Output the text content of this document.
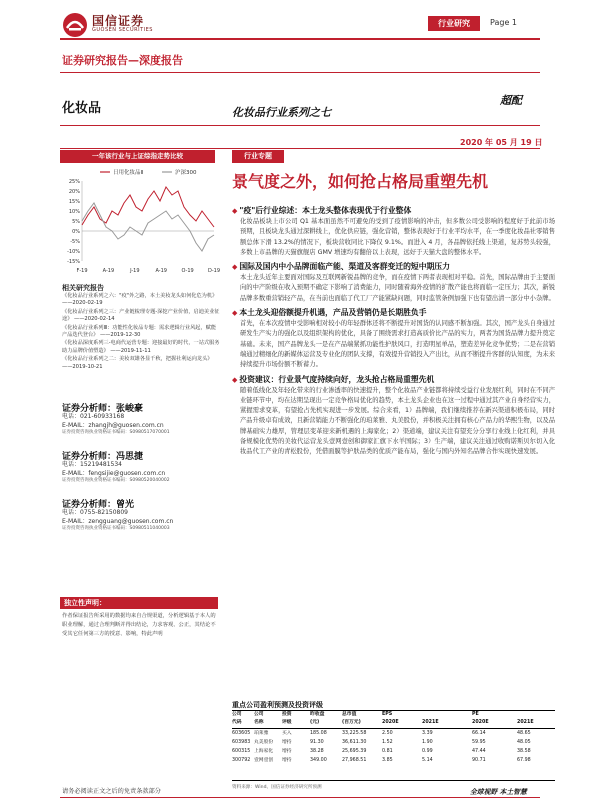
国信证券
GUOSEN SECURITIES
行业研究	Page 1
证券研究报告—深度报告
化妆品	化妆品行业系列之七
超配
2020 年 05 月 19 日
一年该行业与上证综指走势比较
日用化妆品Ⅱ	沪深300
25%
20%
15%
10%
5%
0%
-5%
-10%
-15%
F-19	A-19	J-19	A-19	O-19	D-19
相关研究报告

《化妆品行业系列之六："疫"外之路，本土美妆龙头如何化危为机》 ——2020-02-19

《化妆品行业系列之三：产业链梳理专题-深挖产业价值，启迪美业征途》 ——2020-02-14

《化妆品行业系列Ⅲ：功能性化妆品专题：需求逻辑行业风起，赋能产品迭代登台》 ——2019-12-30

《化妆品深度系列三-电商代运营专题：迎接最好的时代，一站式服务助力品牌价值塑造》 ——2019-11-11

《化妆品行业系列之二：美妆双雄各显千秋，把握社利运向龙头》 ——2019-10-21

证券分析师：张峻豪
电话：021-60933168
E-MAIL：zhangjh@guosen.com.cn
证券投资咨询执业资格证书编码：S0980517070001
证券分析师：冯思捷
电话：15219481534
E-MAIL：fengsijie@guosen.com.cn
证券投资咨询执业资格证书编码：S0980520040002
证券分析师：曾光
电话：0755-82150809
E-MAIL：zengguang@guosen.com.cn
证券投资咨询执业资格证书编码：S0980511040003
独立性声明：
作者保证报告所采用的数据均来自合规渠道，分析逻辑基于本人的职业理解，通过合理判断并得出结论，力求客观、公正，其结论不受其它任何第三方的授意、影响，特此声明
行业专题
景气度之外，如何抢占格局重塑先机
◆ "疫"后行业综述：本土龙头整体表现优于行业整体
化妆品板块上市公司 Q1 基本面虽然不可避免的受到了疫情影响的冲击，但多数公司受影响的程度好于此前市场预期，且板块龙头通过深耕线上，优化供应链，强化营销，整体表现好于行业平均水平，在一季度化妆品社零销售额总体下滑 13.2%的情况下，板块营收同比下降仅 9.1%。而进入 4 月，各品牌依托线上渠道，复苏势头较强，多数上市品牌的天猫旗舰店 GMV 增速均有翻倍以上表现，远好于天猫大盘的整体水平。
◆ 国际及国内中小品牌面临产能、渠道及客群变迁的短中期压力
本土龙头近年主要面对国际及互联网新锐品牌的竞争，而在疫情下两者表现相对平稳。首先，国际品牌由于主要面向的中产阶级在收入预期不确定下影响了消费能力，同时随着海外疫情的扩散产能也将面临一定压力；其次，新锐品牌多数重营销轻产品，在当前也面临了代工厂产能紧缺问题，同时监管条例加强下也有望出清一部分中小杂牌。
◆ 本土龙头迎俗额提升机遇，产品及营销仍是长期胜负手
首先，在本次疫情中受影响相对较小的年轻群体还将不断提升对国货的认同感不断加强。其次，国产龙头自身通过研发生产实力的强化以及组织架构的优化，具备了围绕需求打造高质价比产品的实力，两者为国货品牌力提升奠定基础。未来，国产品牌龙头一是在产品端紧抓功能性护肤风口，打造明星单品，塑造差异化竞争优势；二是在营销端通过精细化的新媒体运营及专业化的团队支撑，有效提升营销投入产出比，从而不断提升客群的认知度，为未来持续提升市场份额不断蓄力。
◆ 投资建议：行业景气度持续向好，龙头抢占格局重塑先机
随着低线化及年轻化带来的行业渗透率的快速提升，整个化妆品产业链都将持续受益行业发展红利，同时在不同产业链环节中，均在达期呈现出一定竞争格局优化的趋势，本土龙头企业也在这一过程中通过其产业自身经营实力，紧握需求变革，有望抢占先机实现进一步发展。综合来看，1）品牌端，我们继续推荐在新兴渠道积极布局，同时产品升级卓有成效，且新营销能力不断强化的珀莱雅、丸美股份，并积极关注拥有核心产品力的华熙生物，以及品牌基础实力雄厚，管理层变革迎来新机遇的上海家化；2）渠道端，建议关注有望充分分享行业线上化红利，并具备规模化优势的美妆代运营龙头壹网壹创和御家汇旗下水羊国际；3）生产端，建议关注通过收购诺斯贝尔切入化妆品代工产业的青松股份，凭借面膜等护肤品类的优质产能布局，强化与国内外知名品牌合作实现快速发展。
重点公司盈利预测及投资评级
公司	公司	投资	昨收盘	总市值	EPS	PE
代码	名称	评级	(元)	(百万元)	2020E	2021E	2020E	2021E
603605 珀莱雅	买入	185.08	33,225.58	2.50	3.39	66.14	48.65
603983 丸美股份 增持	91.30	36,611.30	1.52	1.90	59.95	48.05
600315 上海家化 增持	38.28	25,695.39	0.81	0.99	47.44	38.58
300792 壹网壹创 增持	349.00	27,968.51	3.85	5.14	90.71	67.98
资料来源：Wind、国信证券经济研究所预测
请务必阅读正文之后的免责条款部分	全球视野 本土智慧
